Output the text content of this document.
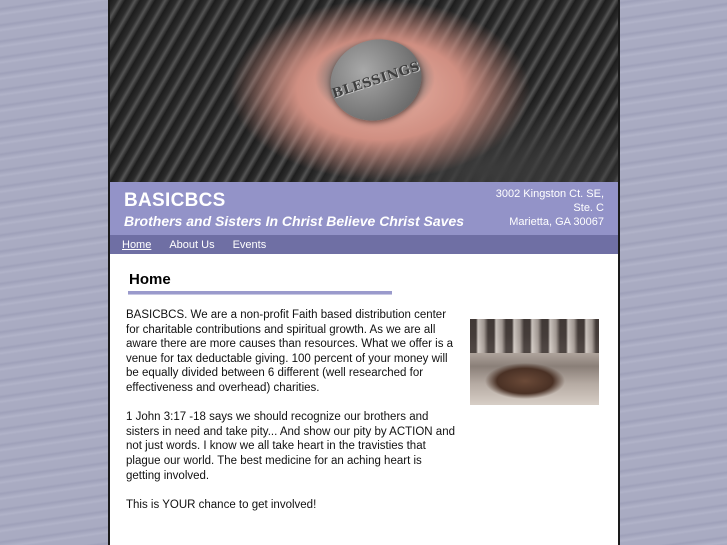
BLESSINGS
BASICBCS

Brothers and Sisters In Christ Believe Christ Saves

3002 Kingston Ct. SE,
Ste. C
Marietta, GA 30067
Home About Us Events
Home

BASICBCS. We are a non-profit Faith based distribution center for charitable contributions and spiritual growth. As we are all aware there are more causes than resources. What we offer is a venue for tax deductable giving. 100 percent of your money will be equally divided between 6 different (well researched for effectiveness and overhead) charities.

1 John 3:17 -18 says we should recognize our brothers and sisters in need and take pity... And show our pity by ACTION and not just words. I know we all take heart in the travisties that plague our world. The best medicine for an aching heart is getting involved.

This is YOUR chance to get involved!
